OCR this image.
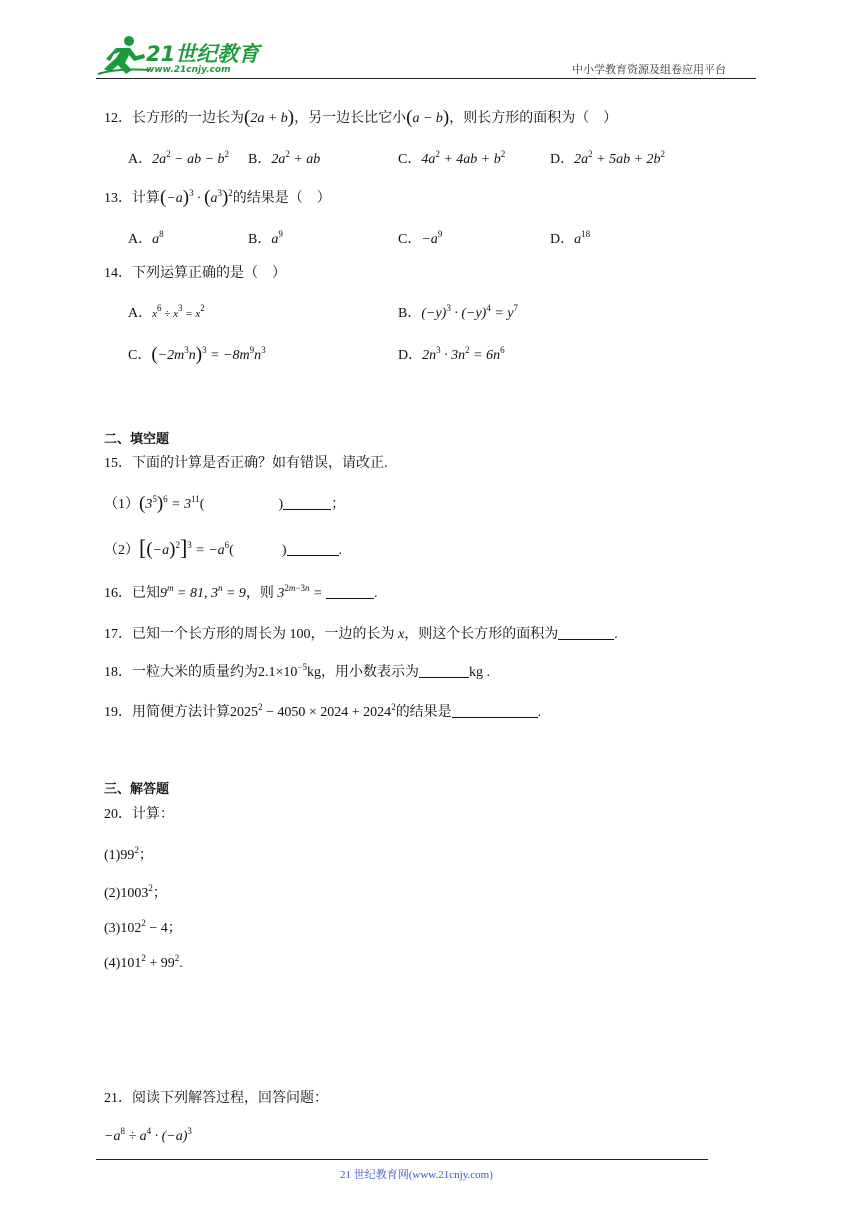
21世纪教育
www.21cnjy.com	中小学教育资源及组卷应用平台
12．长方形的一边长为(2a + b)，另一边长比它小(a − b)，则长方形的面积为（　）
A．$2a^2$ − ab − $b^2$ B．$2a^2$ + ab	C．$4a^2 + 4ab + b^2$	D．$2a^2 + 5ab + 2b^2$
13．计算$(-a)^3 \cdot (a^3)^2$的结果是（　）
A．$a^8$	B．$a^9$	C．$-a^9$	D．$a^{18}$
14．下列运算正确的是（　）
A．$x^6 \div x^3 = x^2$	B．$(-y)^3 \cdot (-y)^4 = y^7$
C．$(-2m^3n)^3 = -8m^9n^3$	D．$2n^3 \cdot 3n^2 = 6n^6$
二、填空题
15．下面的计算是否正确？如有错误，请改正.
$(1)(3^5)^6 = 3^{11}$(	)	；
$(2)[(-a)^2]^3 = -a^6$(	)	.
16．已知$9^m = 81$, $3^n = 9$，则 $3^{2m-3n}$ =	.
17．已知一个长方形的周长为 100，一边的长为 x，则这个长方形的面积为	.
18．一粒大米的质量约为$2.1\times 10^{-5}kg$，用小数表示为	kg .
19．用简便方法计算$2025^2 - 4050 \times 2024 + 2024^2$的结果是	.
三、解答题
20．计算：
$(1)99^2$；
(2)1003$^2$；
$(3)102^2 - 4$；
$(4)101^2 + 99^2$.
21．阅读下列解答过程，回答问题：
$-a^8 \div a^4 \cdot (-a)^3$
21 世纪教育网(www.21cnjy.com)
